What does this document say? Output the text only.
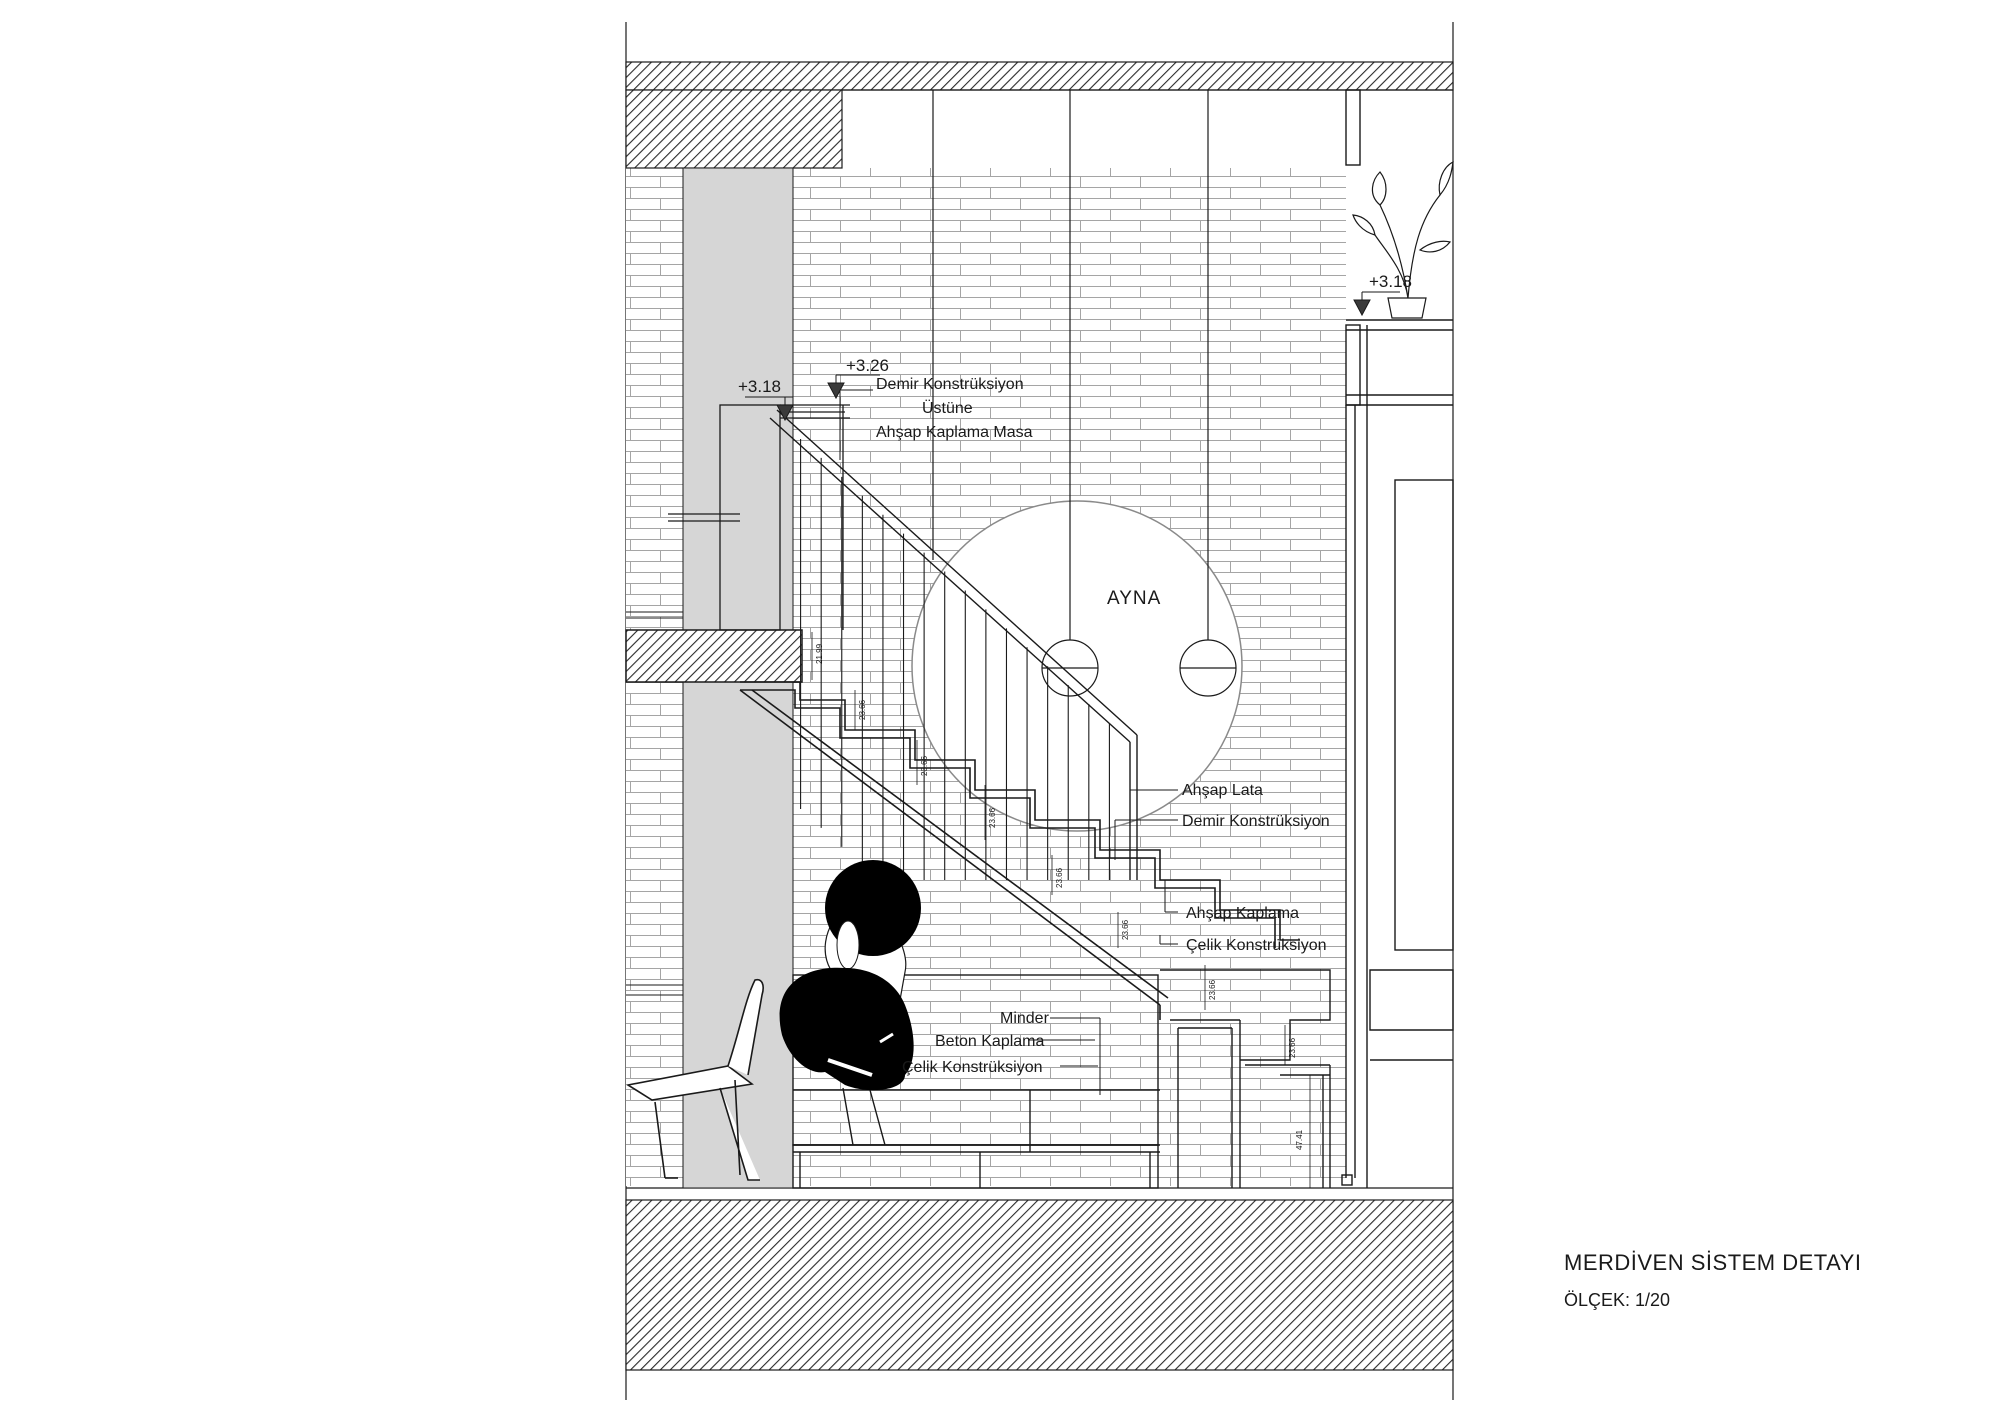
+3.18
+3.26
+3.18
21.99
23.66
23.66
23.66
23.66
23.66
23.66
23.66
47.41
Demir Konstrüksiyon
Üstüne
Ahşap Kaplama Masa
AYNA
Ahşap Lata
Demir Konstrüksiyon
Ahşap Kaplama
Çelik Konstrüksiyon
Minder
Beton Kaplama
Çelik Konstrüksiyon
MERDİVEN SİSTEM DETAYI
ÖLÇEK: 1/20
